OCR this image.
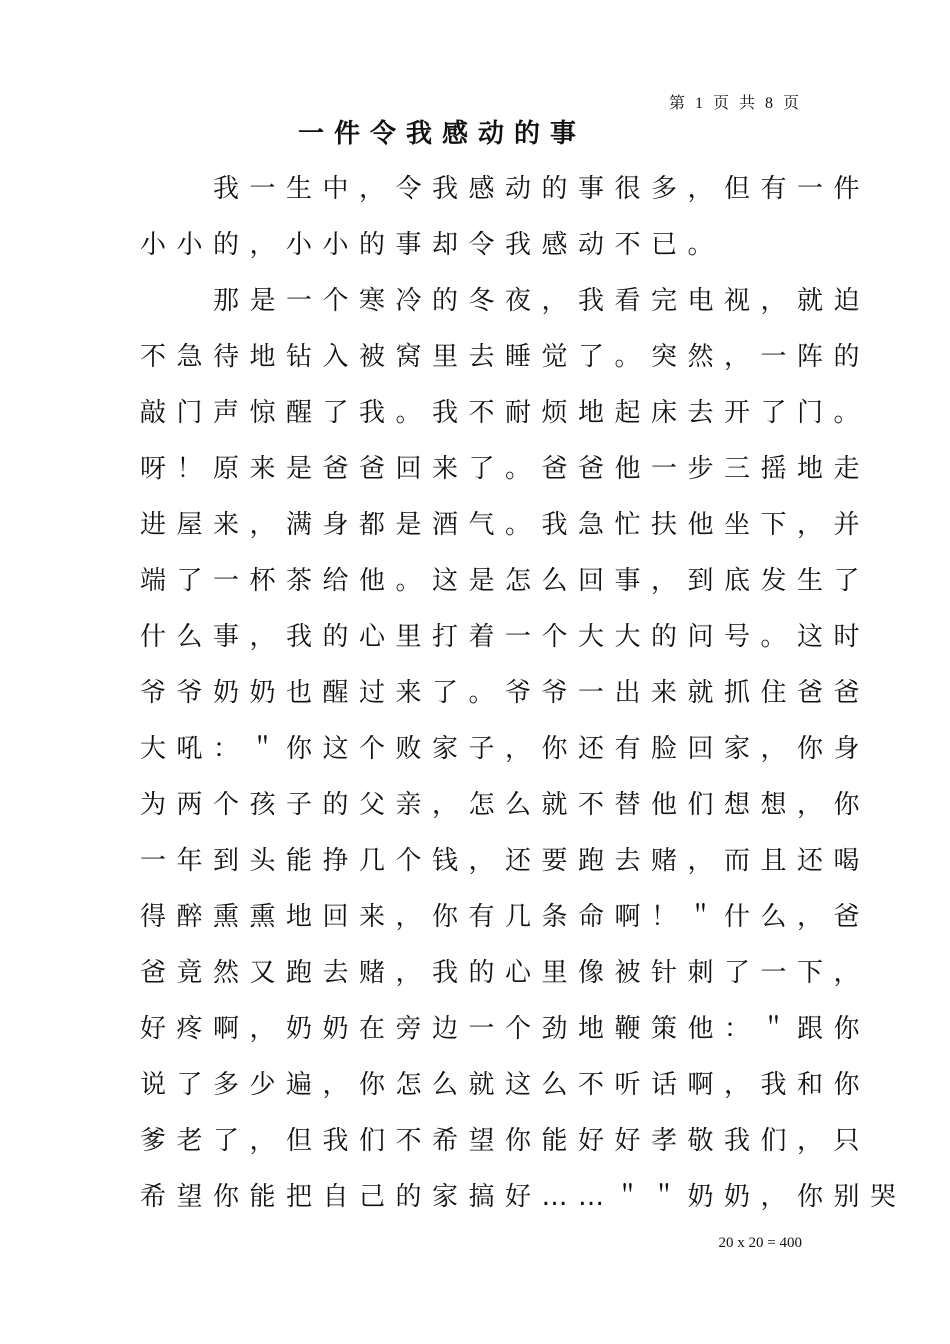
第 1 页 共 8 页
一件令我感动的事
　　我一生中，令我感动的事很多，但有一件
小小的，小小的事却令我感动不已。
　　那是一个寒冷的冬夜，我看完电视，就迫
不急待地钻入被窝里去睡觉了。突然，一阵的
敲门声惊醒了我。我不耐烦地起床去开了门。
呀！原来是爸爸回来了。爸爸他一步三摇地走
进屋来，满身都是酒气。我急忙扶他坐下，并
端了一杯茶给他。这是怎么回事，到底发生了
什么事，我的心里打着一个大大的问号。这时
爷爷奶奶也醒过来了。爷爷一出来就抓住爸爸
大吼：＂你这个败家子，你还有脸回家，你身
为两个孩子的父亲，怎么就不替他们想想，你
一年到头能挣几个钱，还要跑去赌，而且还喝
得醉熏熏地回来，你有几条命啊！＂什么，爸
爸竟然又跑去赌，我的心里像被针刺了一下，
好疼啊，奶奶在旁边一个劲地鞭策他：＂跟你
说了多少遍，你怎么就这么不听话啊，我和你
爹老了，但我们不希望你能好好孝敬我们，只
希望你能把自己的家搞好……＂＂奶奶，你别哭
20 x 20 = 400
